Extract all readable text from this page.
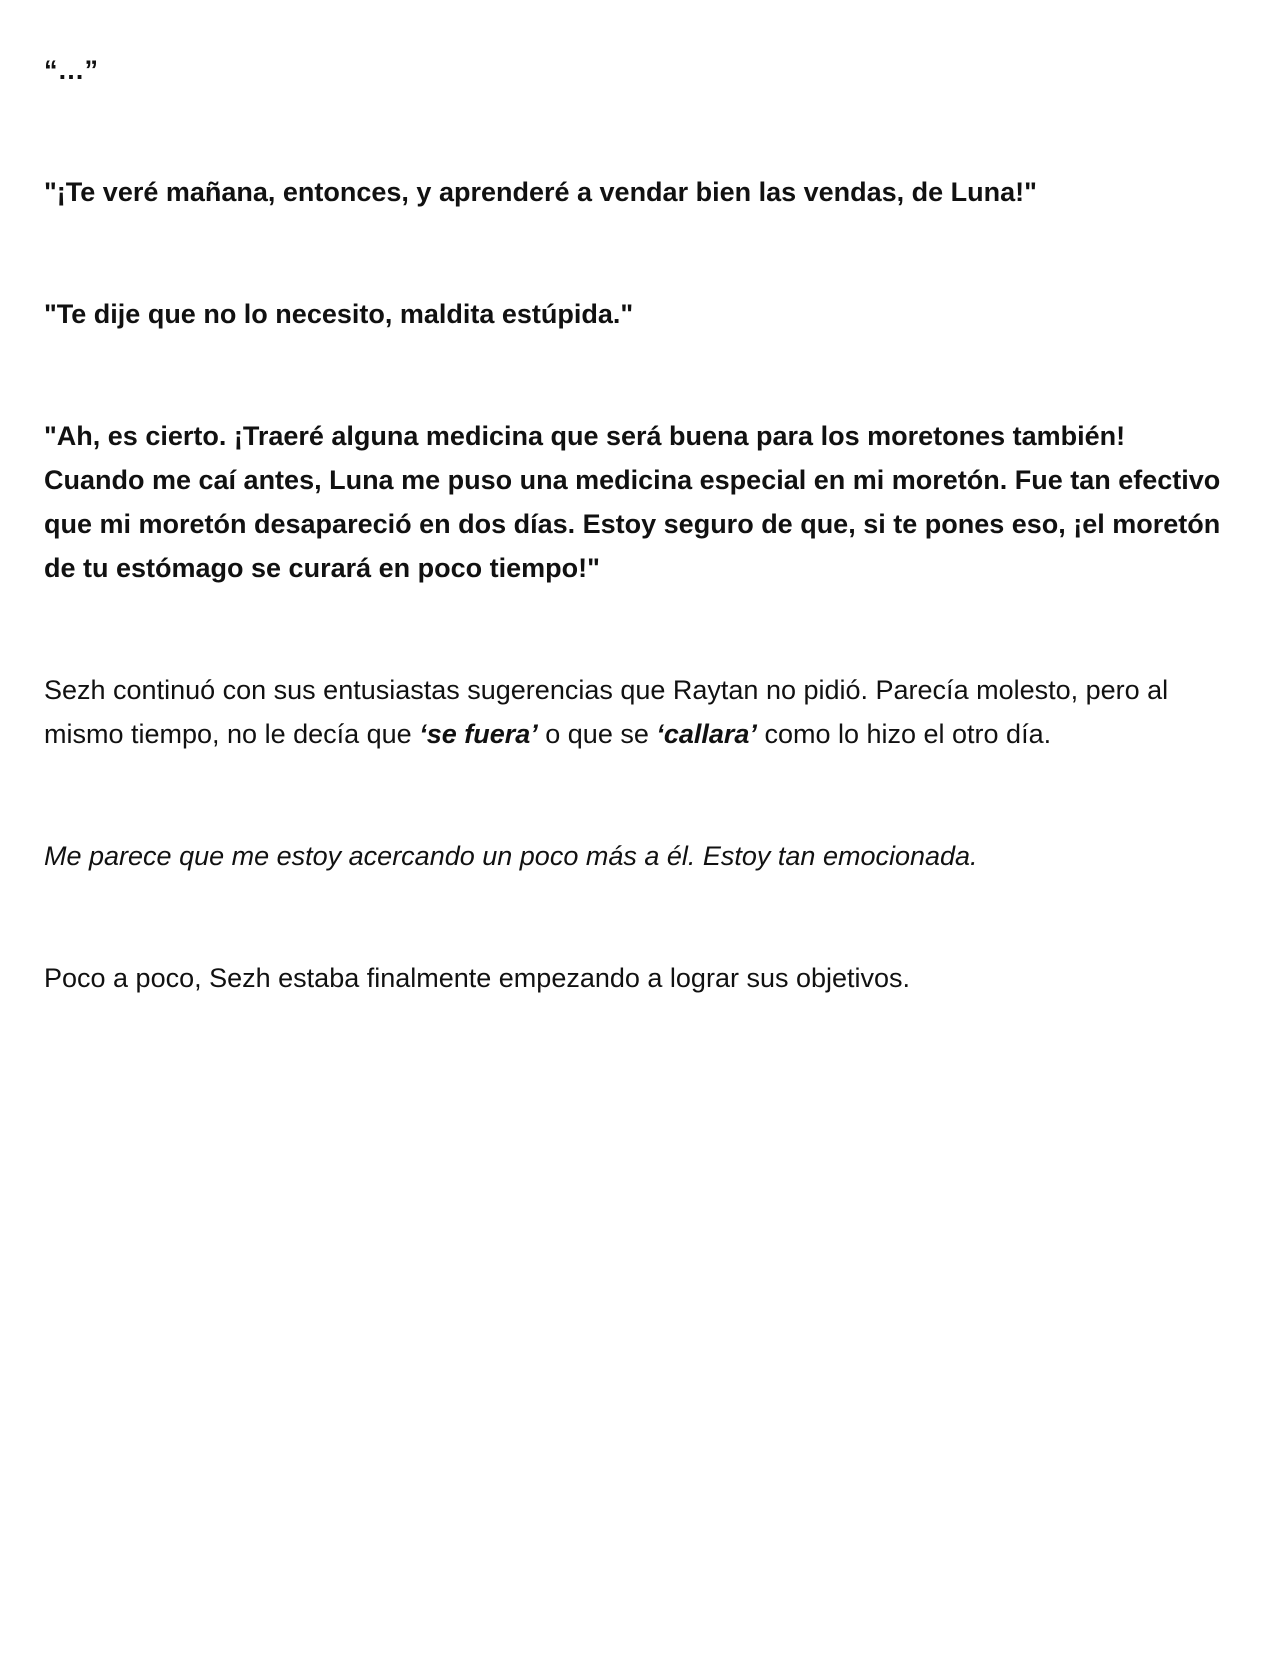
“…”

"¡Te veré mañana, entonces, y aprenderé a vendar bien las vendas, de Luna!"

"Te dije que no lo necesito, maldita estúpida."

"Ah, es cierto. ¡Traeré alguna medicina que será buena para los moretones también! Cuando me caí antes, Luna me puso una medicina especial en mi moretón. Fue tan efectivo que mi moretón desapareció en dos días. Estoy seguro de que, si te pones eso, ¡el moretón de tu estómago se curará en poco tiempo!"

Sezh continuó con sus entusiastas sugerencias que Raytan no pidió. Parecía molesto, pero al mismo tiempo, no le decía que ‘se fuera’ o que se ‘callara’ como lo hizo el otro día.

Me parece que me estoy acercando un poco más a él. Estoy tan emocionada.

Poco a poco, Sezh estaba finalmente empezando a lograr sus objetivos.
